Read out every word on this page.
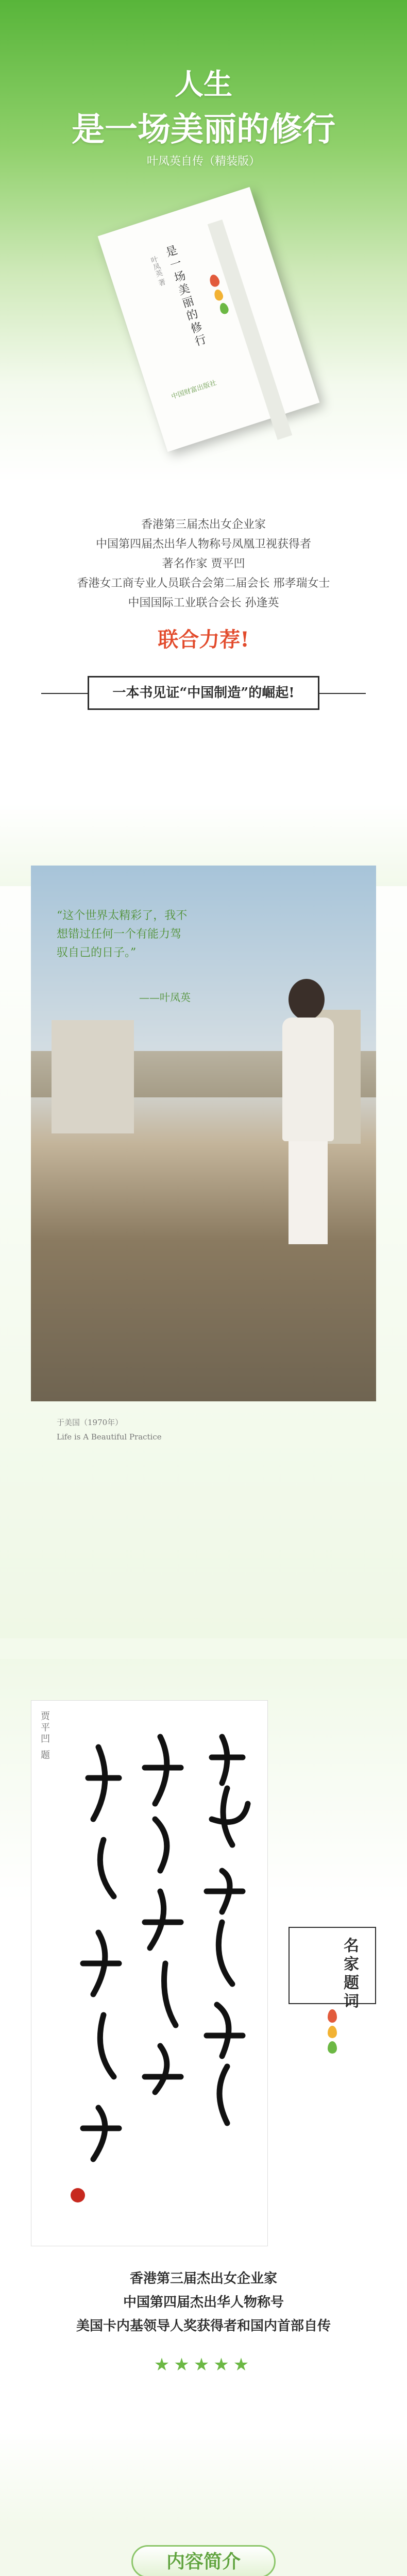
人生
是一场美丽的修行
叶凤英自传（精装版）
是一场美丽的修行
叶凤英 著
中国财富出版社
香港第三届杰出女企业家
中国第四届杰出华人物称号凤凰卫视获得者
著名作家 贾平凹
香港女工商专业人员联合会第二届会长 邢孝瑞女士
中国国际工业联合会长 孙逢英
联合力荐!
一本书见证“中国制造”的崛起!
“这个世界太精彩了，我不想错过任何一个有能力驾驭自己的日子。”
——叶凤英
于美国（1970年）
Life is A Beautiful Practice
贾平凹 题
名家题词
香港第三届杰出女企业家
中国第四届杰出华人物称号
美国卡内基领导人奖获得者和国内首部自传
★★★★★
内容简介
